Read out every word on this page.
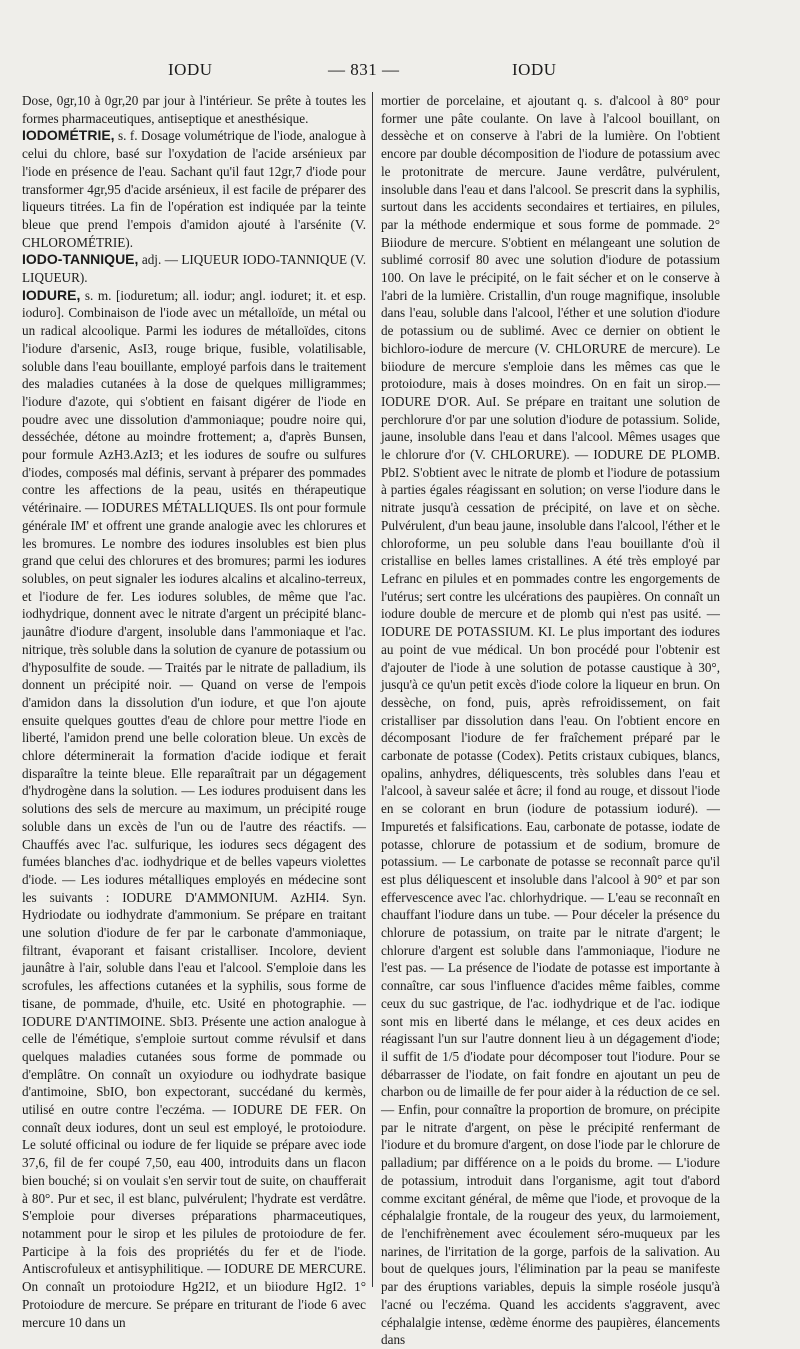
IODU	— 831 —	IODU

Dose, 0gr,10 à 0gr,20 par jour à l'intérieur. Se prête à toutes les formes pharmaceutiques, antiseptique et anesthésique.

IODOMÉTRIE, s. f. Dosage volumétrique de l'iode, analogue à celui du chlore, basé sur l'oxydation de l'acide arsénieux par l'iode en présence de l'eau. Sachant qu'il faut 12gr,7 d'iode pour transformer 4gr,95 d'acide arsénieux, il est facile de préparer des liqueurs titrées. La fin de l'opération est indiquée par la teinte bleue que prend l'empois d'amidon ajouté à l'arsénite (V. CHLOROMÉTRIE).

IODO-TANNIQUE, adj. — LIQUEUR IODO-TANNIQUE (V. LIQUEUR).

IODURE, s. m. [iodure​tum; all. iodur; angl. ioduret; it. et esp. ioduro]. Combinaison de l'iode avec un métalloïde, un métal ou un radical alcoolique. Parmi les iodures de métalloïdes, citons l'iodure d'arsenic, AsI3, rouge brique, fusible, volatilisable, soluble dans l'eau bouillante, employé parfois dans le traitement des maladies cutanées à la dose de quelques milligrammes; l'iodure d'azote, qui s'obtient en faisant digérer de l'iode en poudre avec une dissolution d'ammoniaque; poudre noire qui, desséchée, détone au moindre frottement; a, d'après Bunsen, pour formule AzH3.AzI3; et les iodures de soufre ou sulfures d'iodes, composés mal définis, servant à préparer des pommades contre les affections de la peau, usités en thérapeutique vétérinaire. — IODURES MÉTALLIQUES. Ils ont pour formule générale IM' et offrent une grande analogie avec les chlorures et les bromures. Le nombre des iodures insolubles est bien plus grand que celui des chlorures et des bromures; parmi les iodures solubles, on peut signaler les iodures alcalins et alcalino-terreux, et l'iodure de fer. Les iodures solubles, de même que l'ac. iodhydrique, donnent avec le nitrate d'argent un précipité blanc-jaunâtre d'iodure d'argent, insoluble dans l'ammoniaque et l'ac. nitrique, très soluble dans la solution de cyanure de potassium ou d'hyposulfite de soude. — Traités par le nitrate de palladium, ils donnent un précipité noir. — Quand on verse de l'empois d'amidon dans la dissolution d'un iodure, et que l'on ajoute ensuite quelques gouttes d'eau de chlore pour mettre l'iode en liberté, l'amidon prend une belle coloration bleue. Un excès de chlore déterminerait la formation d'acide iodique et ferait disparaître la teinte bleue. Elle reparaîtrait par un dégagement d'hydrogène dans la solution. — Les iodures produisent dans les solutions des sels de mercure au maximum, un précipité rouge soluble dans un excès de l'un ou de l'autre des réactifs. — Chauffés avec l'ac. sulfurique, les iodures secs dégagent des fumées blanches d'ac. iodhydrique et de belles vapeurs violettes d'iode. — Les iodures métalliques employés en médecine sont les suivants : IODURE D'AMMONIUM. AzHI4. Syn. Hydriodate ou iodhydrate d'ammonium. Se prépare en traitant une solution d'iodure de fer par le carbonate d'ammoniaque, filtrant, évaporant et faisant cristalliser. Incolore, devient jaunâtre à l'air, soluble dans l'eau et l'alcool. S'emploie dans les scrofules, les affections cutanées et la syphilis, sous forme de tisane, de pommade, d'huile, etc. Usité en photographie. — IODURE D'ANTIMOINE. SbI3. Présente une action analogue à celle de l'émétique, s'emploie surtout comme révulsif et dans quelques maladies cutanées sous forme de pommade ou d'emplâtre. On connaît un oxyiodure ou iodhydrate basique d'antimoine, SbIO, bon expectorant, succédané du kermès, utilisé en outre contre l'eczéma. — IODURE DE FER. On connaît deux iodures, dont un seul est employé, le protoiodure. Le soluté officinal ou iodure de fer liquide se prépare avec iode 37,6, fil de fer coupé 7,50, eau 400, introduits dans un flacon bien bouché; si on voulait s'en servir tout de suite, on chaufferait à 80°. Pur et sec, il est blanc, pulvérulent; l'hydrate est verdâtre. S'emploie pour diverses préparations pharmaceutiques, notamment pour le sirop et les pilules de protoiodure de fer. Participe à la fois des propriétés du fer et de l'iode. Antiscrofuleux et antisyphilitique. — IODURE DE MERCURE. On connaît un protoiodure Hg2I2, et un biiodure HgI2. 1° Protoiodure de mercure. Se prépare en triturant de l'iode 6 avec mercure 10 dans un

mortier de porcelaine, et ajoutant q. s. d'alcool à 80° pour former une pâte coulante. On lave à l'alcool bouillant, on dessèche et on conserve à l'abri de la lumière. On l'obtient encore par double décomposition de l'iodure de potassium avec le protonitrate de mercure. Jaune verdâtre, pulvérulent, insoluble dans l'eau et dans l'alcool. Se prescrit dans la syphilis, surtout dans les accidents secondaires et tertiaires, en pilules, par la méthode endermique et sous forme de pommade. 2° Biiodure de mercure. S'obtient en mélangeant une solution de sublimé corrosif 80 avec une solution d'iodure de potassium 100. On lave le précipité, on le fait sécher et on le conserve à l'abri de la lumière. Cristallin, d'un rouge magnifique, insoluble dans l'eau, soluble dans l'alcool, l'éther et une solution d'iodure de potassium ou de sublimé. Avec ce dernier on obtient le bichloro-iodure de mercure (V. CHLORURE de mercure). Le biiodure de mercure s'emploie dans les mêmes cas que le protoiodure, mais à doses moindres. On en fait un sirop.— IODURE D'OR. AuI. Se prépare en traitant une solution de perchlorure d'or par une solution d'iodure de potassium. Solide, jaune, insoluble dans l'eau et dans l'alcool. Mêmes usages que le chlorure d'or (V. CHLORURE). — IODURE DE PLOMB. PbI2. S'obtient avec le nitrate de plomb et l'iodure de potassium à parties égales réagissant en solution; on verse l'iodure dans le nitrate jusqu'à cessation de précipité, on lave et on sèche. Pulvérulent, d'un beau jaune, insoluble dans l'alcool, l'éther et le chloroforme, un peu soluble dans l'eau bouillante d'où il cristallise en belles lames cristallines. A été très employé par Lefranc en pilules et en pommades contre les engorgements de l'utérus; sert contre les ulcérations des paupières. On connaît un iodure double de mercure et de plomb qui n'est pas usité. — IODURE DE POTASSIUM. KI. Le plus important des iodures au point de vue médical. Un bon procédé pour l'obtenir est d'ajouter de l'iode à une solution de potasse caustique à 30°, jusqu'à ce qu'un petit excès d'iode colore la liqueur en brun. On dessèche, on fond, puis, après refroidissement, on fait cristalliser par dissolution dans l'eau. On l'obtient encore en décomposant l'iodure de fer fraîchement préparé par le carbonate de potasse (Codex). Petits cristaux cubiques, blancs, opalins, anhydres, déliquescents, très solubles dans l'eau et l'alcool, à saveur salée et âcre; il fond au rouge, et dissout l'iode en se colorant en brun (iodure de potassium ioduré). — Impuretés et falsifications. Eau, carbonate de potasse, iodate de potasse, chlorure de potassium et de sodium, bromure de potassium. — Le carbonate de potasse se reconnaît parce qu'il est plus déliquescent et insoluble dans l'alcool à 90° et par son effervescence avec l'ac. chlorhydrique. — L'eau se reconnaît en chauffant l'iodure dans un tube. — Pour déceler la présence du chlorure de potassium, on traite par le nitrate d'argent; le chlorure d'argent est soluble dans l'ammoniaque, l'iodure ne l'est pas. — La présence de l'iodate de potasse est importante à connaître, car sous l'influence d'acides même faibles, comme ceux du suc gastrique, de l'ac. iodhydrique et de l'ac. iodique sont mis en liberté dans le mélange, et ces deux acides en réagissant l'un sur l'autre donnent lieu à un dégagement d'iode; il suffit de 1/5 d'iodate pour décomposer tout l'iodure. Pour se débarrasser de l'iodate, on fait fondre en ajoutant un peu de charbon ou de limaille de fer pour aider à la réduction de ce sel. — Enfin, pour connaître la proportion de bromure, on précipite par le nitrate d'argent, on pèse le précipité renfermant de l'iodure et du bromure d'argent, on dose l'iode par le chlorure de palladium; par différence on a le poids du brome. — L'iodure de potassium, introduit dans l'organisme, agit tout d'abord comme excitant général, de même que l'iode, et provoque de la céphalalgie frontale, de la rougeur des yeux, du larmoiement, de l'enchifrènement avec écoulement séro-muqueux par les narines, de l'irritation de la gorge, parfois de la salivation. Au bout de quelques jours, l'élimination par la peau se manifeste par des éruptions variables, depuis la simple roséole jusqu'à l'acné ou l'eczéma. Quand les accidents s'aggravent, avec céphalalgie intense, œdème énorme des paupières, élancements dans
